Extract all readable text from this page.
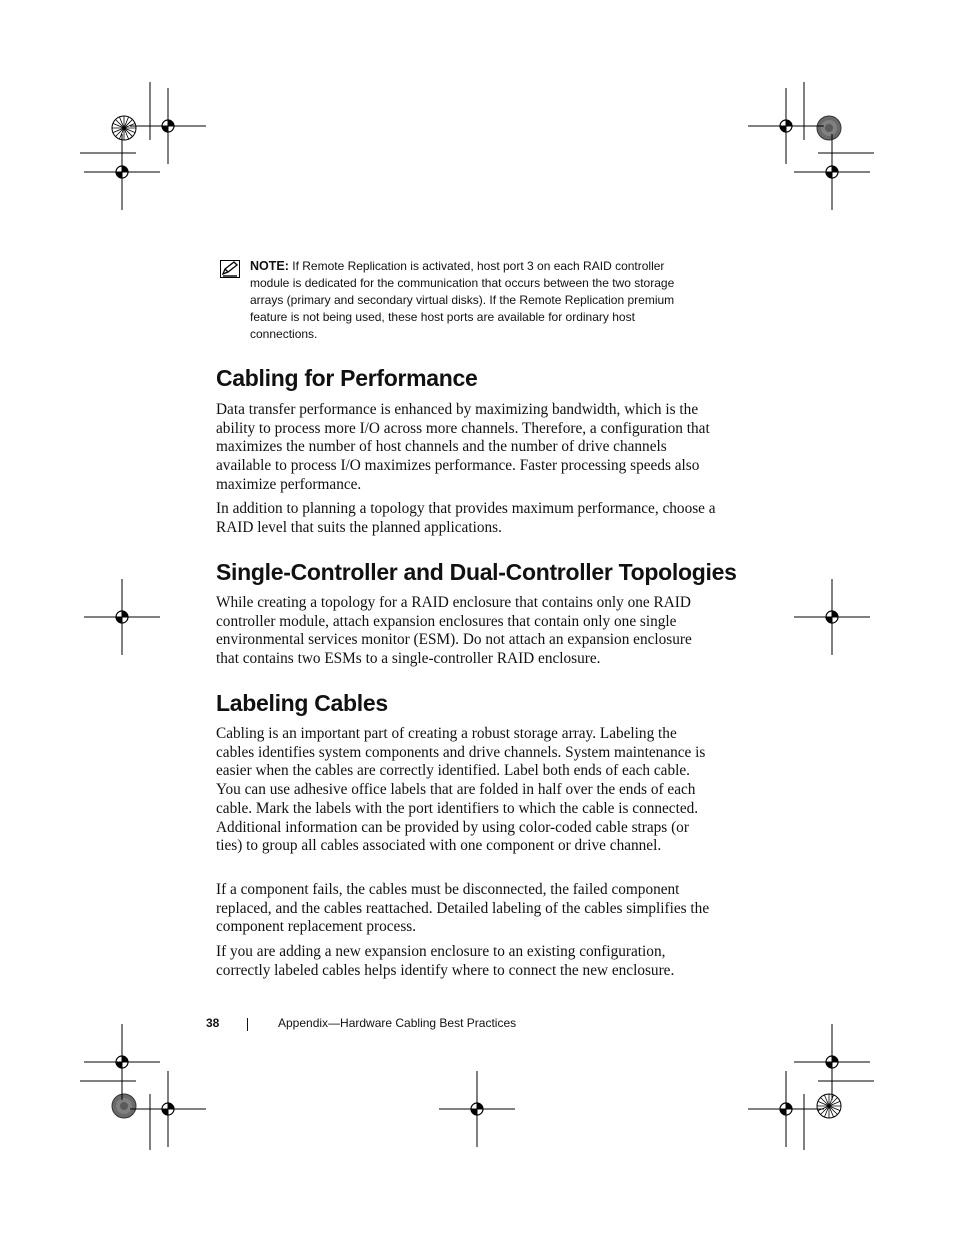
NOTE: If Remote Replication is activated, host port 3 on each RAID controller module is dedicated for the communication that occurs between the two storage arrays (primary and secondary virtual disks). If the Remote Replication premium feature is not being used, these host ports are available for ordinary host connections.
Cabling for Performance

Data transfer performance is enhanced by maximizing bandwidth, which is the ability to process more I/O across more channels. Therefore, a configuration that maximizes the number of host channels and the number of drive channels available to process I/O maximizes performance. Faster processing speeds also maximize performance.

In addition to planning a topology that provides maximum performance, choose a RAID level that suits the planned applications.

Single-Controller and Dual-Controller Topologies

While creating a topology for a RAID enclosure that contains only one RAID controller module, attach expansion enclosures that contain only one single environmental services monitor (ESM). Do not attach an expansion enclosure that contains two ESMs to a single-controller RAID enclosure.

Labeling Cables

Cabling is an important part of creating a robust storage array. Labeling the cables identifies system components and drive channels. System maintenance is easier when the cables are correctly identified. Label both ends of each cable. You can use adhesive office labels that are folded in half over the ends of each cable. Mark the labels with the port identifiers to which the cable is connected. Additional information can be provided by using color-coded cable straps (or ties) to group all cables associated with one component or drive channel.

If a component fails, the cables must be disconnected, the failed component replaced, and the cables reattached. Detailed labeling of the cables simplifies the component replacement process.

If you are adding a new expansion enclosure to an existing configuration, correctly labeled cables helps identify where to connect the new enclosure.

38	Appendix—Hardware Cabling Best Practices
